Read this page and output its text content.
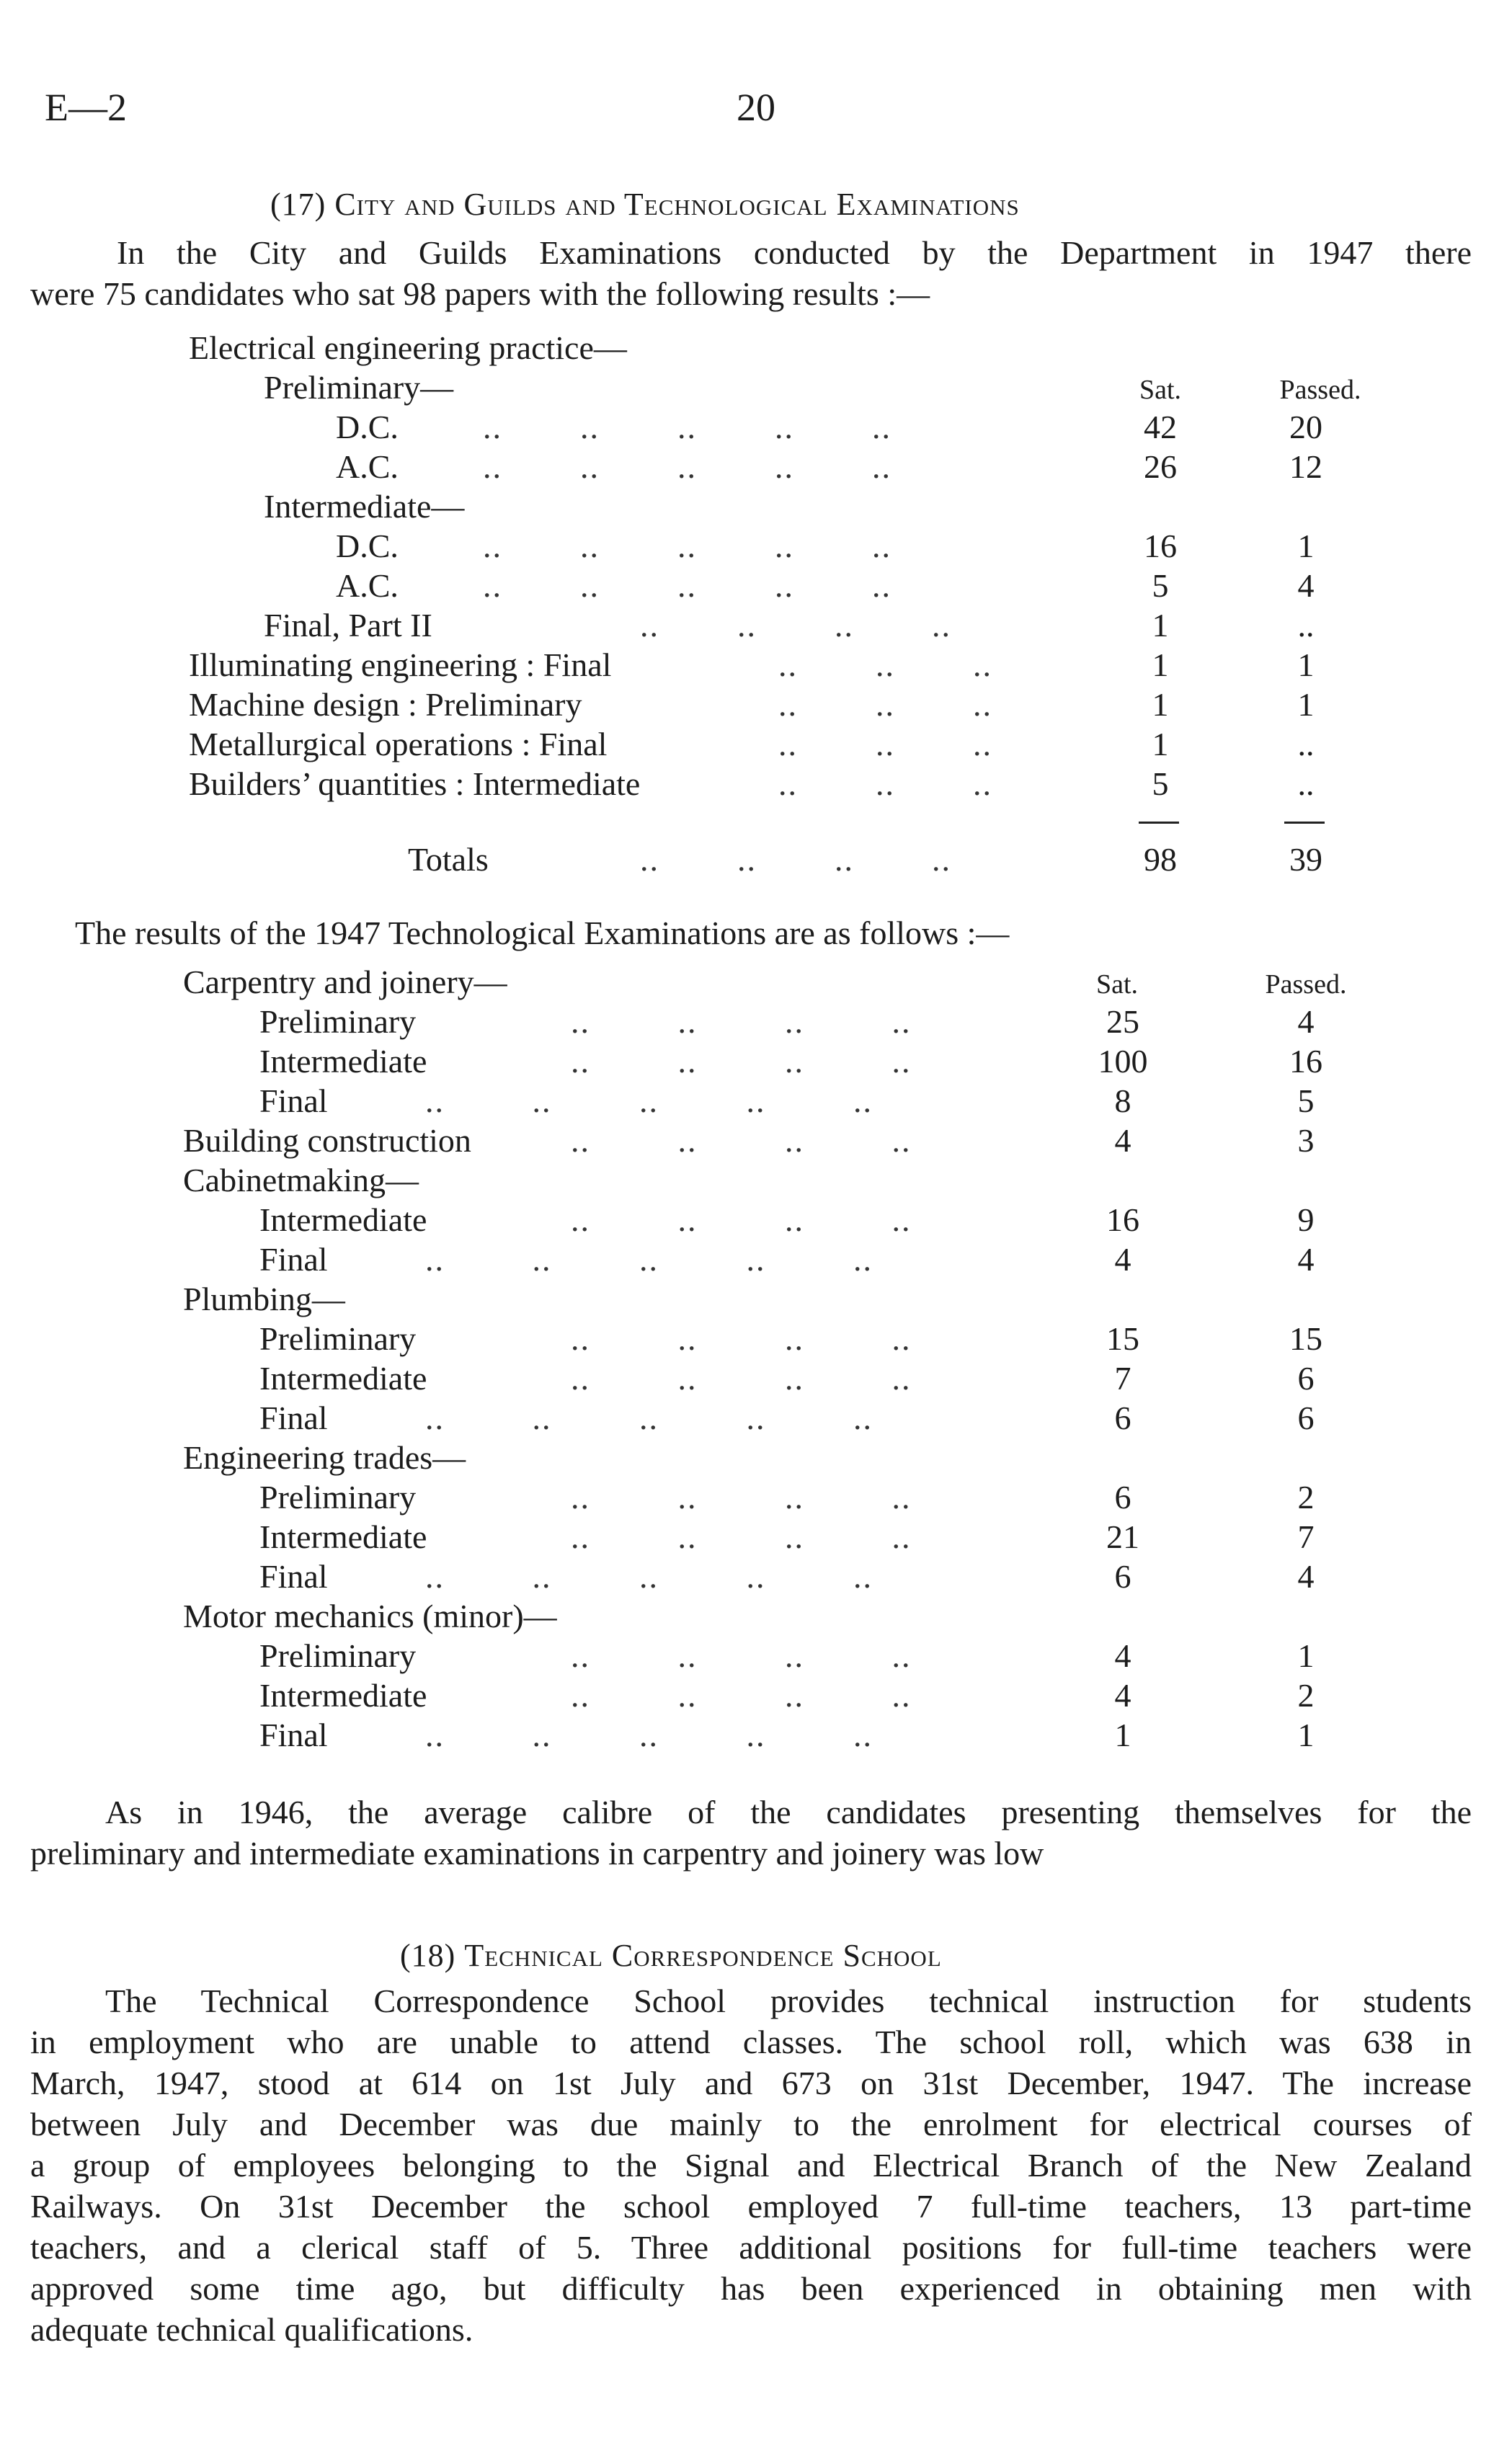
E—2	20
(17) City and Guilds and Technological Examinations
In the City and Guilds Examinations conducted by the Department in 1947 there
were 75 candidates who sat 98 papers with the following results :—
Electrical engineering practice—
Preliminary—	Sat.	Passed.
D.C.	..        ..        ..        ..        ..	42	20
A.C.	..        ..        ..        ..        ..	26	12
Intermediate—
D.C.	..        ..        ..        ..        ..	16	1
A.C.	..        ..        ..        ..        ..	5	4
Final, Part II	..        ..        ..        ..	1	..
Illuminating engineering : Final	..        ..        ..	1	1
Machine design : Preliminary	..        ..        ..	1	1
Metallurgical operations : Final	..        ..        ..	1	..
Builders’ quantities : Intermediate	..        ..        ..	5	..
Totals	..        ..        ..        ..	98	39
The results of the 1947 Technological Examinations are as follows :—
Carpentry and joinery—	Sat.	Passed.
Preliminary	..         ..         ..         ..	25	4
Intermediate	..         ..         ..         ..	100	16
Final	..         ..         ..         ..         ..	8	5
Building construction	..         ..         ..         ..	4	3
Cabinetmaking—
Intermediate	..         ..         ..         ..	16	9
Final	..         ..         ..         ..         ..	4	4
Plumbing—
Preliminary	..         ..         ..         ..	15	15
Intermediate	..         ..         ..         ..	7	6
Final	..         ..         ..         ..         ..	6	6
Engineering trades—
Preliminary	..         ..         ..         ..	6	2
Intermediate	..         ..         ..         ..	21	7
Final	..         ..         ..         ..         ..	6	4
Motor mechanics (minor)—
Preliminary	..         ..         ..         ..	4	1
Intermediate	..         ..         ..         ..	4	2
Final	..         ..         ..         ..         ..	1	1
As in 1946, the average calibre of the candidates presenting themselves for the
preliminary and intermediate examinations in carpentry and joinery was low
(18) Technical Correspondence School
The Technical Correspondence School provides technical instruction for students
in employment who are unable to attend classes. The school roll, which was 638 in
March, 1947, stood at 614 on 1st July and 673 on 31st December, 1947. The increase
between July and December was due mainly to the enrolment for electrical courses of
a group of employees belonging to the Signal and Electrical Branch of the New Zealand
Railways. On 31st December the school employed 7 full-time teachers, 13 part-time
teachers, and a clerical staff of 5. Three additional positions for full-time teachers were
approved some time ago, but difficulty has been experienced in obtaining men with
adequate technical qualifications.
